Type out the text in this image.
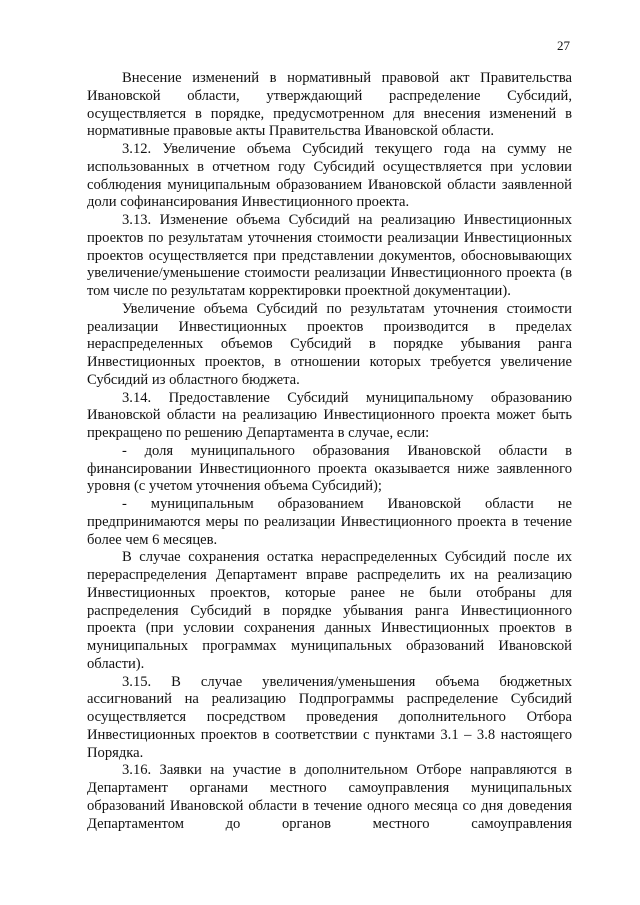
27

Внесение изменений в нормативный правовой акт Правительства Ивановской области, утверждающий распределение Субсидий, осуществляется в порядке, предусмотренном для внесения изменений в нормативные правовые акты Правительства Ивановской области.

3.12. Увеличение объема Субсидий текущего года на сумму не использованных в отчетном году Субсидий осуществляется при условии соблюдения муниципальным образованием Ивановской области заявленной доли софинансирования Инвестиционного проекта.

3.13. Изменение объема Субсидий на реализацию Инвестиционных проектов по результатам уточнения стоимости реализации Инвестиционных проектов осуществляется при представлении документов, обосновывающих увеличение/уменьшение стоимости реализации Инвестиционного проекта (в том числе по результатам корректировки проектной документации).

Увеличение объема Субсидий по результатам уточнения стоимости реализации Инвестиционных проектов производится в пределах нераспределенных объемов Субсидий в порядке убывания ранга Инвестиционных проектов, в отношении которых требуется увеличение Субсидий из областного бюджета.

3.14. Предоставление Субсидий муниципальному образованию Ивановской области на реализацию Инвестиционного проекта может быть прекращено по решению Департамента в случае, если:

- доля муниципального образования Ивановской области в финансировании Инвестиционного проекта оказывается ниже заявленного уровня (с учетом уточнения объема Субсидий);

- муниципальным образованием Ивановской области не предпринимаются меры по реализации Инвестиционного проекта в течение более чем 6 месяцев.

В случае сохранения остатка нераспределенных Субсидий после их перераспределения Департамент вправе распределить их на реализацию Инвестиционных проектов, которые ранее не были отобраны для распределения Субсидий в порядке убывания ранга Инвестиционного проекта (при условии сохранения данных Инвестиционных проектов в муниципальных программах муниципальных образований Ивановской области).

3.15. В случае увеличения/уменьшения объема бюджетных ассигнований на реализацию Подпрограммы распределение Субсидий осуществляется посредством проведения дополнительного Отбора Инвестиционных проектов в соответствии с пунктами 3.1 – 3.8 настоящего Порядка.

3.16. Заявки на участие в дополнительном Отборе направляются в Департамент органами местного самоуправления муниципальных образований Ивановской области в течение одного месяца со дня доведения Департаментом до органов местного самоуправления
